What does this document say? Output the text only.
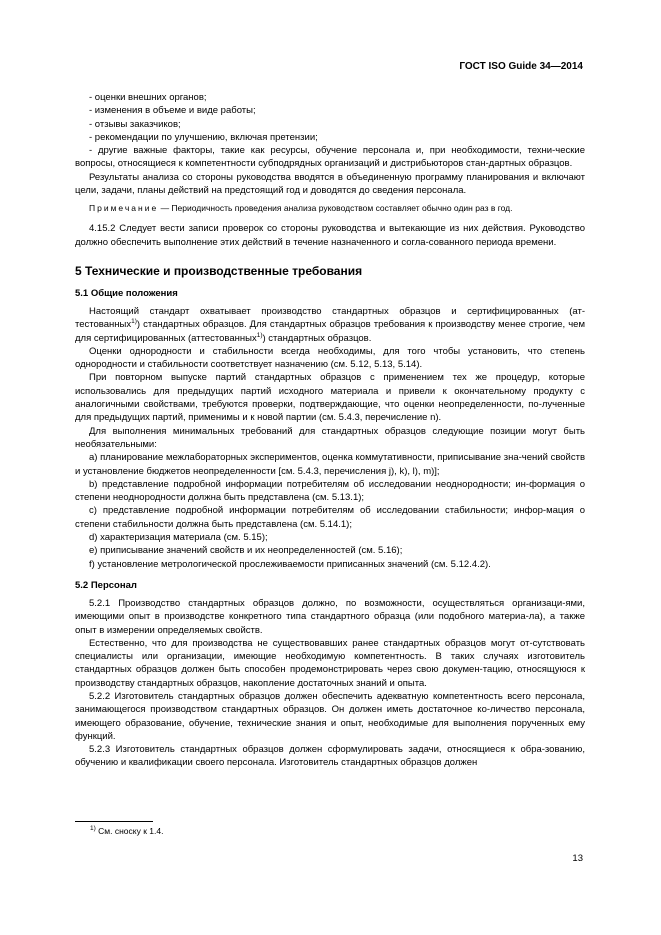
ГОСТ ISO Guide 34—2014

- оценки внешних органов;

- изменения в объеме и виде работы;

- отзывы заказчиков;

- рекомендации по улучшению, включая претензии;

- другие важные факторы, такие как ресурсы, обучение персонала и, при необходимости, техни-ческие вопросы, относящиеся к компетентности субподрядных организаций и дистрибьюторов стан-дартных образцов.

Результаты анализа со стороны руководства вводятся в объединенную программу планирования и включают цели, задачи, планы действий на предстоящий год и доводятся до сведения персонала.

Примечание — Периодичность проведения анализа руководством составляет обычно один раз в год.

4.15.2 Следует вести записи проверок со стороны руководства и вытекающие из них действия. Руководство должно обеспечить выполнение этих действий в течение назначенного и согла-сованного периода времени.

5 Технические и производственные требования
5.1 Общие положения

Настоящий стандарт охватывает производство стандартных образцов и сертифицированных (ат-тестованных$^{1)}$) стандартных образцов. Для стандартных образцов требования к производству менее строгие, чем для сертифицированных (аттестованных$^{1)}$) стандартных образцов.

Оценки однородности и стабильности всегда необходимы, для того чтобы установить, что степень однородности и стабильности соответствует назначению (см. 5.12, 5.13, 5.14).

При повторном выпуске партий стандартных образцов с применением тех же процедур, которые использовались для предыдущих партий исходного материала и привели к окончательному продукту с аналогичными свойствами, требуются проверки, подтверждающие, что оценки неопределенности, по-лученные для предыдущих партий, применимы и к новой партии (см. 5.4.3, перечисление n).

Для выполнения минимальных требований для стандартных образцов следующие позиции могут быть необязательными:

а) планирование межлабораторных экспериментов, оценка коммутативности, приписывание зна-чений свойств и установление бюджетов неопределенности [см. 5.4.3, перечисления j), k), l), m)];

b) представление подробной информации потребителям об исследовании неоднородности; ин-формация о степени неоднородности должна быть представлена (см. 5.13.1);

c) представление подробной информации потребителям об исследовании стабильности; инфор-мация о степени стабильности должна быть представлена (см. 5.14.1);

d) характеризация материала (см. 5.15);

e) приписывание значений свойств и их неопределенностей (см. 5.16);

f) установление метрологической прослеживаемости приписанных значений (см. 5.12.4.2).

5.2 Персонал

5.2.1 Производство стандартных образцов должно, по возможности, осуществляться организаци-ями, имеющими опыт в производстве конкретного типа стандартного образца (или подобного материа-ла), а также опыт в измерении определяемых свойств.

Естественно, что для производства не существовавших ранее стандартных образцов могут от-сутствовать специалисты или организации, имеющие необходимую компетентность. В таких случаях изготовитель стандартных образцов должен быть способен продемонстрировать через свою докумен-тацию, относящуюся к производству стандартных образцов, накопление достаточных знаний и опыта.

5.2.2 Изготовитель стандартных образцов должен обеспечить адекватную компетентность всего персонала, занимающегося производством стандартных образцов. Он должен иметь достаточное ко-личество персонала, имеющего образование, обучение, технические знания и опыт, необходимые для выполнения порученных ему функций.

5.2.3 Изготовитель стандартных образцов должен сформулировать задачи, относящиеся к обра-зованию, обучению и квалификации своего персонала. Изготовитель стандартных образцов должен

$^{1)}$ См. сноску к 1.4.
13
